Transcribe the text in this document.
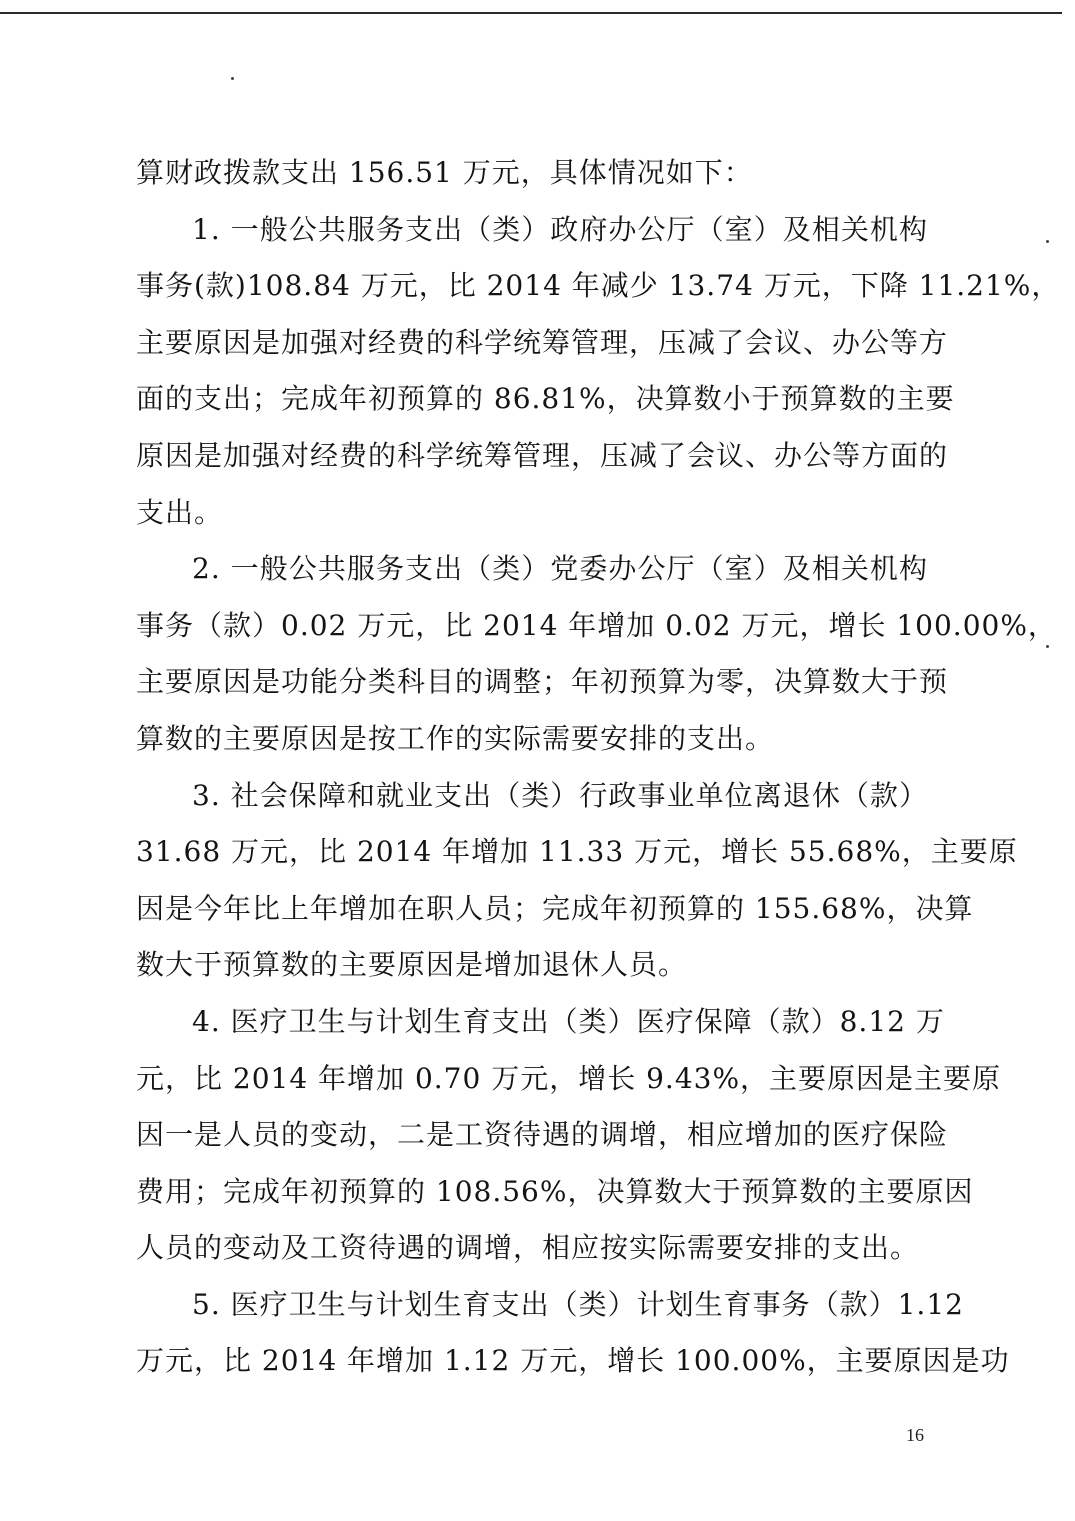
算财政拨款支出 156.51 万元，具体情况如下：
1. 一般公共服务支出（类）政府办公厅（室）及相关机构
事务(款)108.84 万元，比 2014 年减少 13.74 万元，下降 11.21%，
主要原因是加强对经费的科学统筹管理，压减了会议、办公等方
面的支出；完成年初预算的 86.81%，决算数小于预算数的主要
原因是加强对经费的科学统筹管理，压减了会议、办公等方面的
支出。
2. 一般公共服务支出（类）党委办公厅（室）及相关机构
事务（款）0.02 万元，比 2014 年增加 0.02 万元，增长 100.00%，
主要原因是功能分类科目的调整；年初预算为零，决算数大于预
算数的主要原因是按工作的实际需要安排的支出。
3. 社会保障和就业支出（类）行政事业单位离退休（款）
31.68 万元，比 2014 年增加 11.33 万元，增长 55.68%，主要原
因是今年比上年增加在职人员；完成年初预算的 155.68%，决算
数大于预算数的主要原因是增加退休人员。
4. 医疗卫生与计划生育支出（类）医疗保障（款）8.12 万
元，比 2014 年增加 0.70 万元，增长 9.43%，主要原因是主要原
因一是人员的变动，二是工资待遇的调增，相应增加的医疗保险
费用；完成年初预算的 108.56%，决算数大于预算数的主要原因
人员的变动及工资待遇的调增，相应按实际需要安排的支出。
5. 医疗卫生与计划生育支出（类）计划生育事务（款）1.12
万元，比 2014 年增加 1.12 万元，增长 100.00%，主要原因是功
16
